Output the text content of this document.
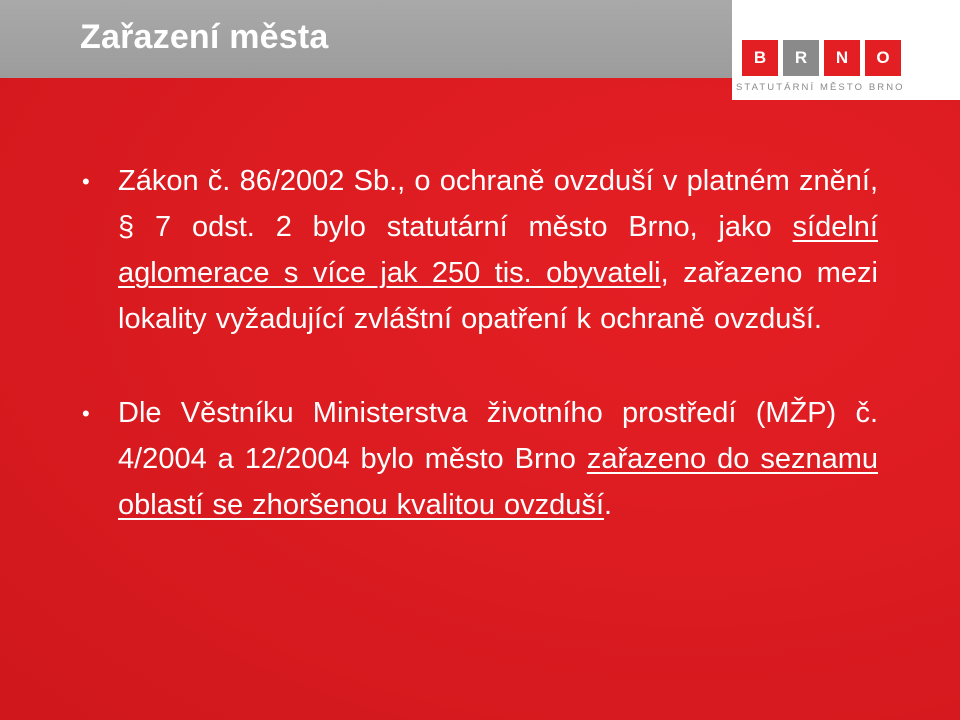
Zařazení města
B	R	N	O
STATUTÁRNÍ MĚSTO BRNO
• Zákon č. 86/2002 Sb., o ochraně ovzduší v platném znění, § 7 odst. 2 bylo statutární město Brno, jako sídelní aglomerace s více jak 250 tis. obyvateli, zařazeno mezi lokality vyžadující zvláštní opatření k ochraně ovzduší.
• Dle Věstníku Ministerstva životního prostředí (MŽP) č. 4/2004 a 12/2004 bylo město Brno zařazeno do seznamu oblastí se zhoršenou kvalitou ovzduší.
